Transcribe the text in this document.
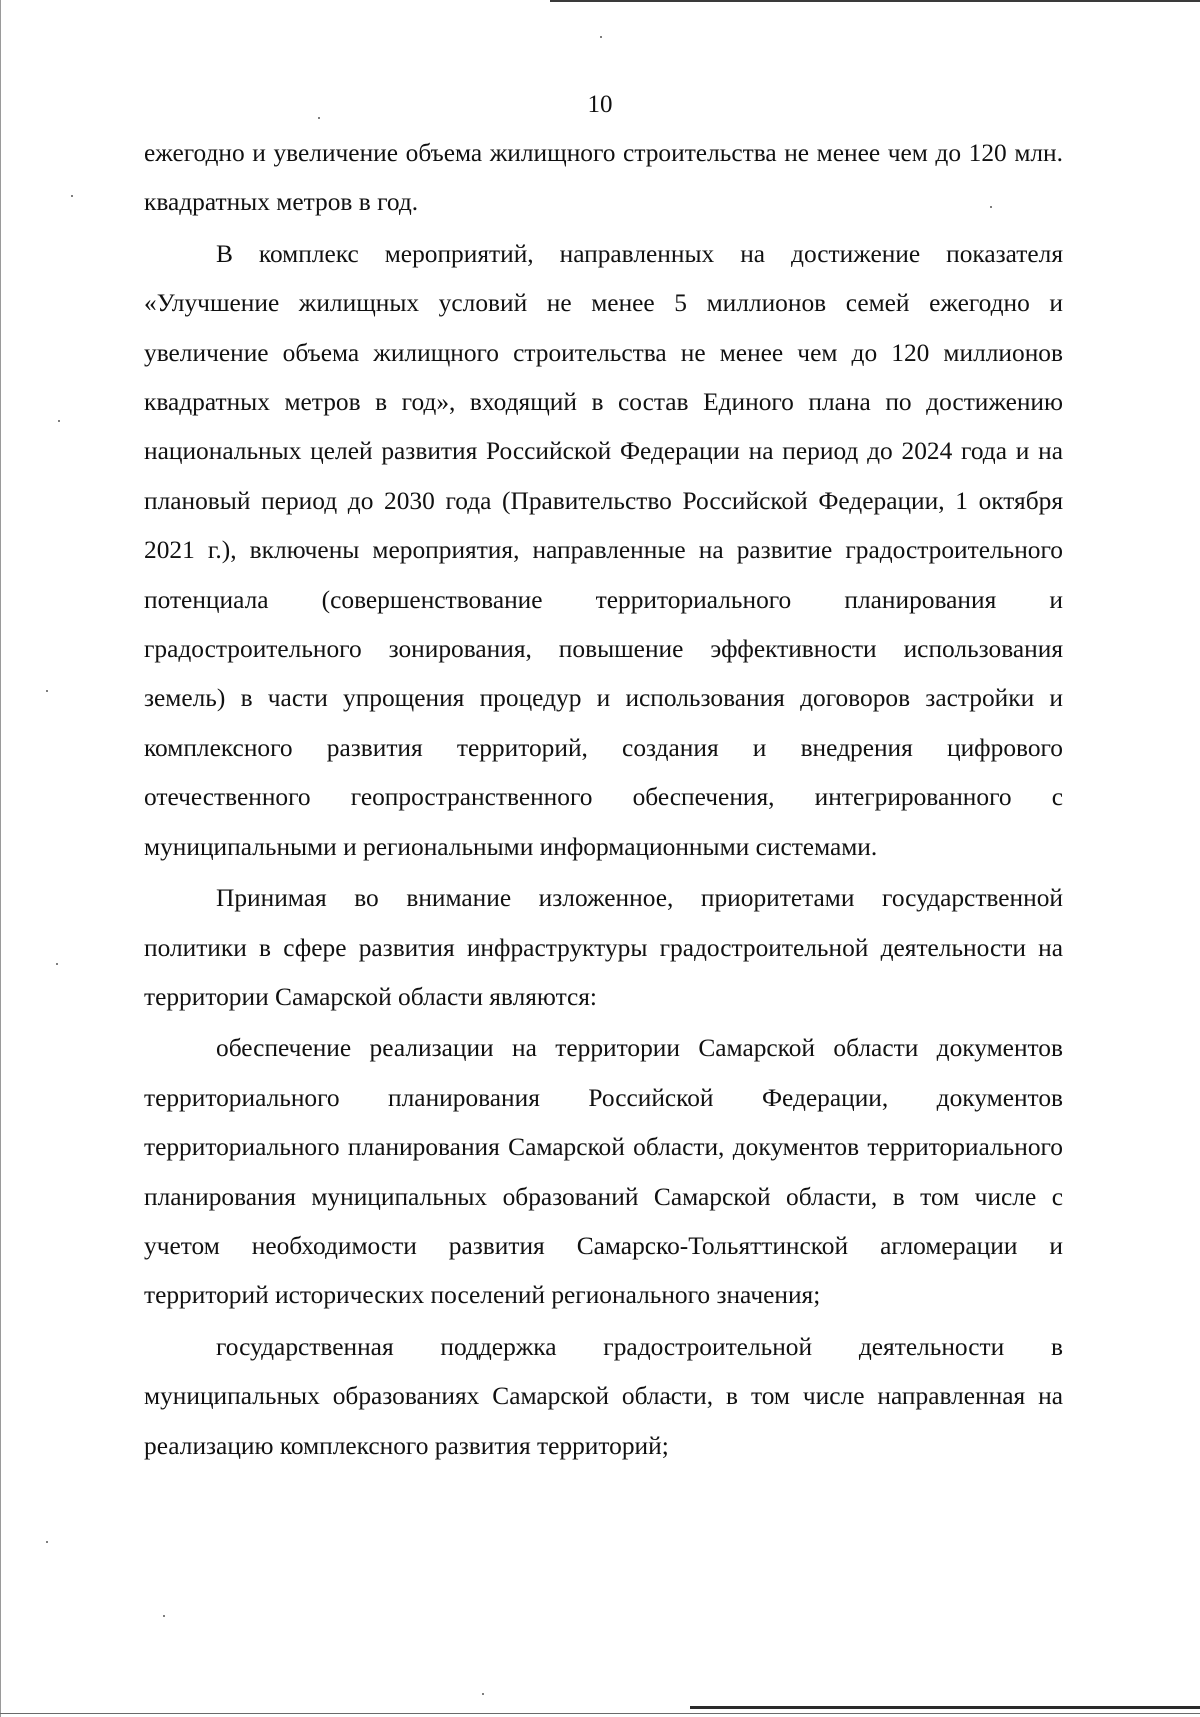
10

ежегодно и увеличение объема жилищного строительства не менее чем до 120 млн. квадратных метров в год.

В комплекс мероприятий, направленных на достижение показателя «Улучшение жилищных условий не менее 5 миллионов семей ежегодно и увеличение объема жилищного строительства не менее чем до 120 миллионов квадратных метров в год», входящий в состав Единого плана по достижению национальных целей развития Российской Федерации на период до 2024 года и на плановый период до 2030 года (Правительство Российской Федерации, 1 октября 2021 г.), включены мероприятия, направленные на развитие градостроительного потенциала (совершенствование территориального планирования и градостроительного зонирования, повышение эффективности использования земель) в части упрощения процедур и использования договоров застройки и комплексного развития территорий, создания и внедрения цифрового отечественного геопространственного обеспечения, интегрированного с муниципальными и региональными информационными системами.

Принимая во внимание изложенное, приоритетами государственной политики в сфере развития инфраструктуры градостроительной деятельности на территории Самарской области являются:

обеспечение реализации на территории Самарской области документов территориального планирования Российской Федерации, документов территориального планирования Самарской области, документов территориального планирования муниципальных образований Самарской области, в том числе с учетом необходимости развития Самарско-Тольяттинской агломерации и территорий исторических поселений регионального значения;

государственная поддержка градостроительной деятельности в муниципальных образованиях Самарской области, в том числе направленная на реализацию комплексного развития территорий;
